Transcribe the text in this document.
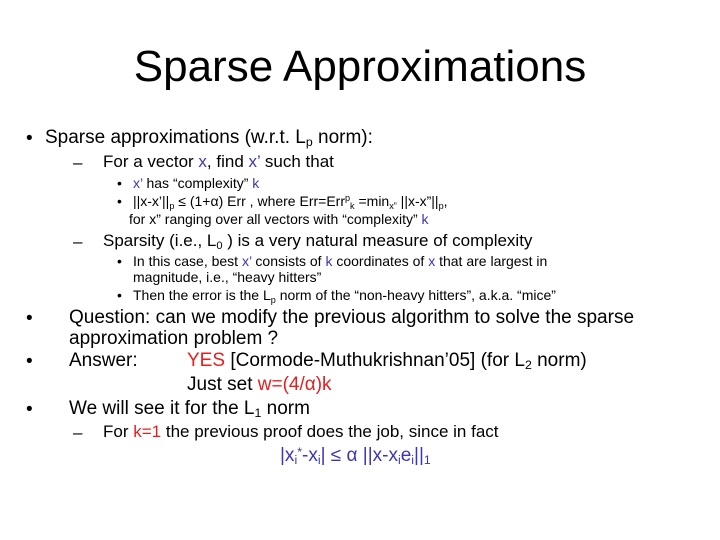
Sparse Approximations
• Sparse approximations (w.r.t. $L_p$ norm):
– For a vector x, find x’ such that
• x’ has “complexity” k
• $||x-x’||_p \le (1+\alpha)$ Err , where $Err=Err^p_k =\min_{x”}$ $||x-x”||_p$,
for x” ranging over all vectors with “complexity” k
– Sparsity (i.e., $L_0$ ) is a very natural measure of complexity
• In this case, best x’ consists of k coordinates of x that are largest in
magnitude, i.e., “heavy hitters”
• Then the error is the $L_p$ norm of the “non-heavy hitters”, a.k.a. “mice”
• Question: can we modify the previous algorithm to solve the sparse
approximation problem ?
• Answer:	YES [Cormode-Muthukrishnan’05] (for $L_2$ norm)
Just set w=(4/α)k
• We will see it for the $L_1$ norm
– For k=1 the previous proof does the job, since in fact
$|x_i^*-x_i| \le \alpha$ $||x-x_ie_i||_1$
